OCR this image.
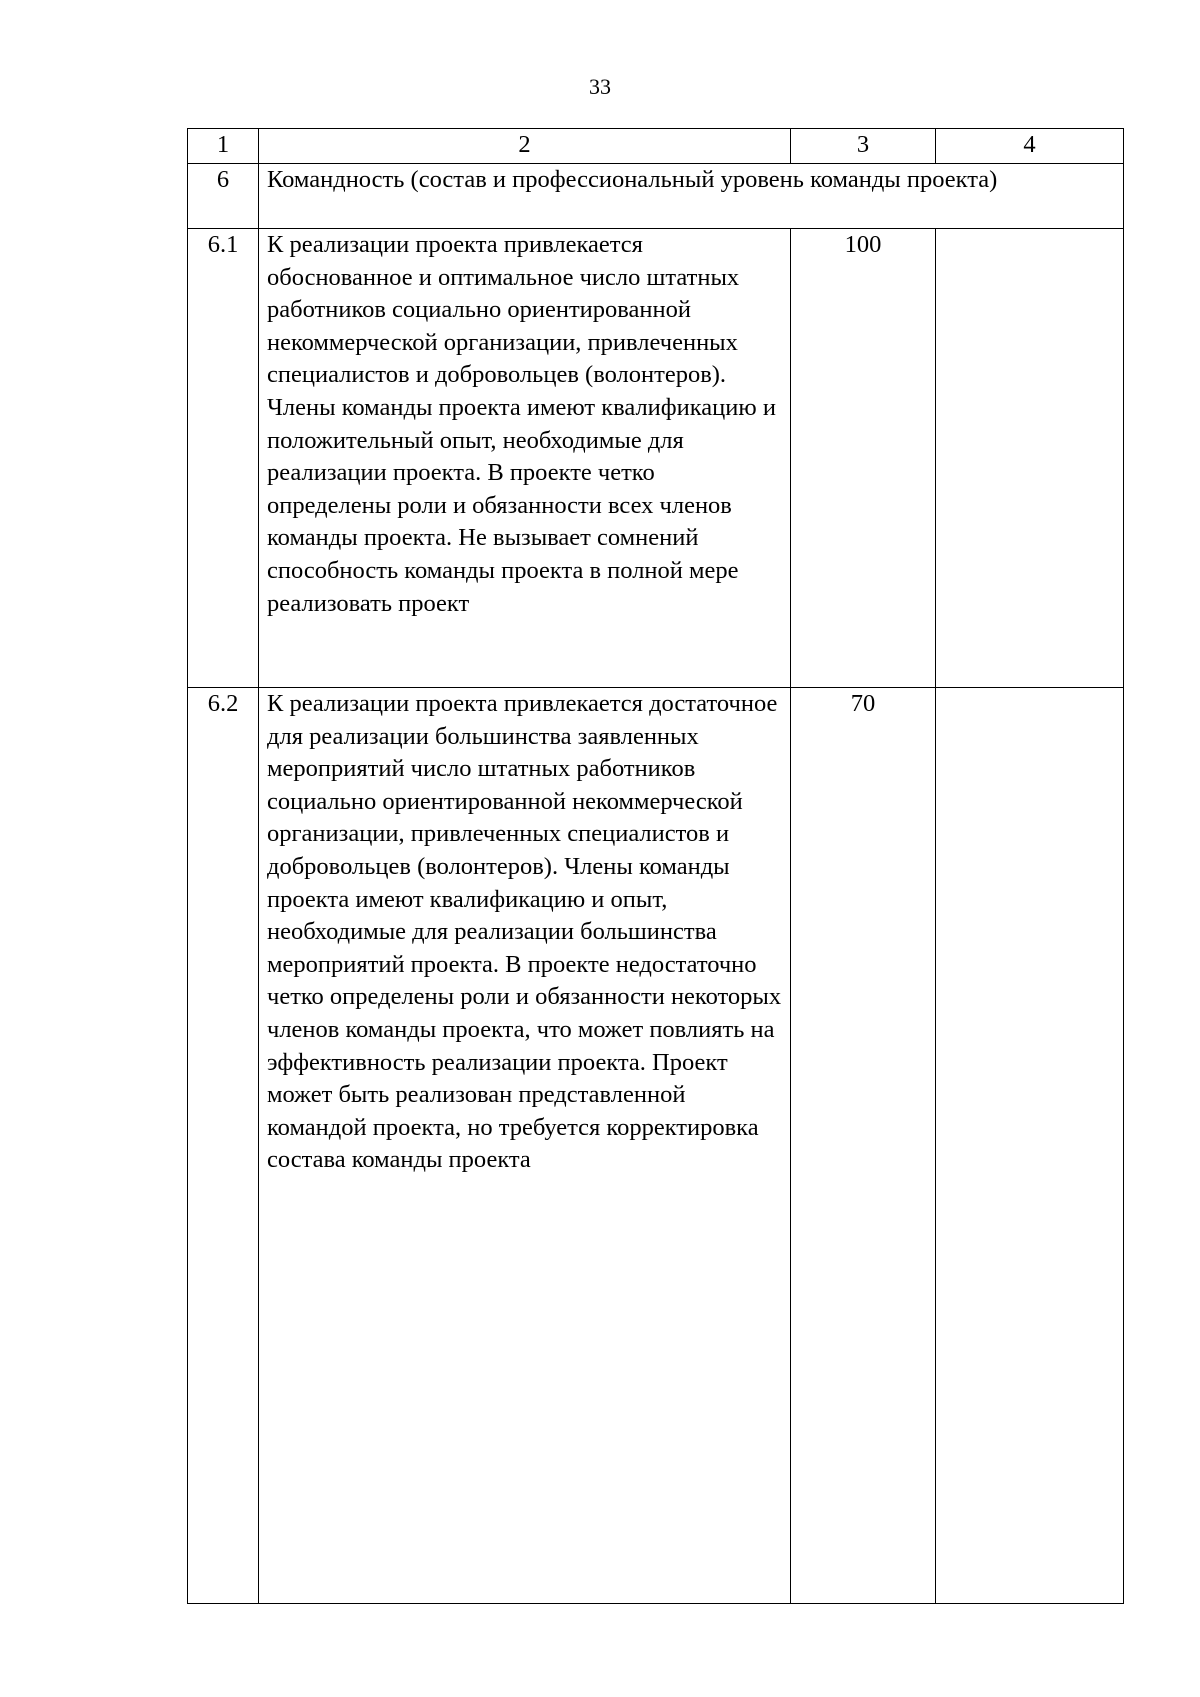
33
1	2	3	4
6	Командность (состав и профессиональный уровень команды проекта)		
6.1	К реализации проекта привлекается обоснованное и оптимальное число штатных работников социально ориентированной некоммерческой организации, привлеченных специалистов и добровольцев (волонтеров). Члены команды проекта имеют квалификацию и положительный опыт, необходимые для реализации проекта. В проекте четко определены роли и обязанности всех членов команды проекта. Не вызывает сомнений способность команды проекта в полной мере реализовать проект	100	
6.2	К реализации проекта привлекается достаточное для реализации большинства заявленных мероприятий число штатных работников социально ориентированной некоммерческой организации, привлеченных специалистов и добровольцев (волонтеров). Члены команды проекта имеют квалификацию и опыт, необходимые для реализации большинства мероприятий проекта. В проекте недостаточно четко определены роли и обязанности некоторых членов команды проекта, что может повлиять на эффективность реализации проекта. Проект может быть реализован представленной командой проекта, но требуется корректировка состава команды проекта	70	
